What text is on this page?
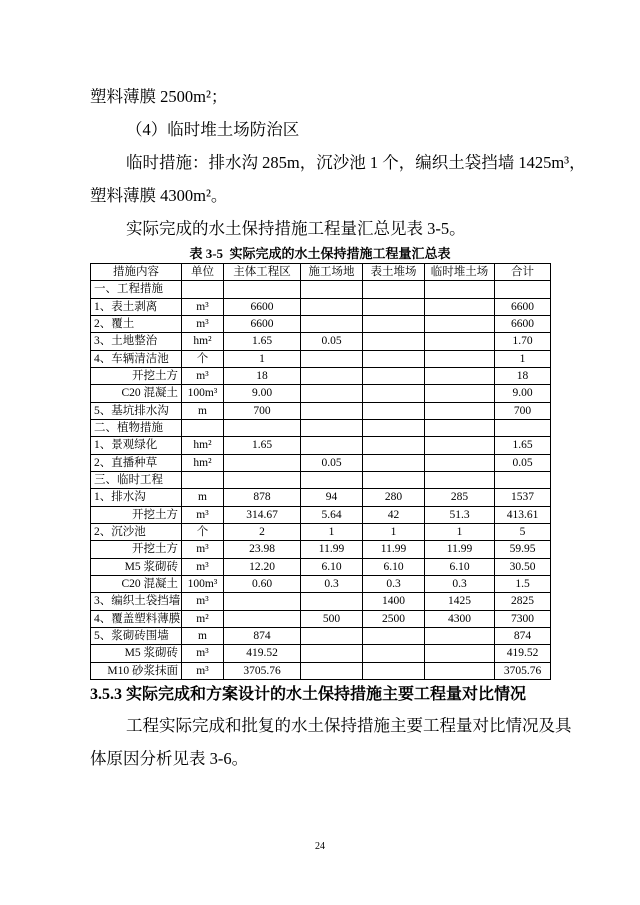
塑料薄膜 2500m²；
（4）临时堆土场防治区
临时措施：排水沟 285m，沉沙池 1 个，编织土袋挡墙 1425m³，
塑料薄膜 4300m²。
实际完成的水土保持措施工程量汇总见表 3-5。
表 3-5  实际完成的水土保持措施工程量汇总表
措施内容	单位	主体工程区	施工场地	表土堆场	临时堆土场	合计
一、工程措施						
1、表土剥离	m³	6600				6600
2、覆土	m³	6600				6600
3、土地整治	hm²	1.65	0.05			1.70
4、车辆清洁池	个	1				1
开挖土方	m³	18				18
C20 混凝土	100m³	9.00				9.00
5、基坑排水沟	m	700				700
二、植物措施						
1、景观绿化	hm²	1.65				1.65
2、直播种草	hm²		0.05			0.05
三、临时工程						
1、排水沟	m	878	94	280	285	1537
开挖土方	m³	314.67	5.64	42	51.3	413.61
2、沉沙池	个	2	1	1	1	5
开挖土方	m³	23.98	11.99	11.99	11.99	59.95
M5 浆砌砖	m³	12.20	6.10	6.10	6.10	30.50
C20 混凝土	100m³	0.60	0.3	0.3	0.3	1.5
3、编织土袋挡墙	m³			1400	1425	2825
4、覆盖塑料薄膜	m²		500	2500	4300	7300
5、浆砌砖围墙	m	874				874
M5 浆砌砖	m³	419.52				419.52
M10 砂浆抹面	m³	3705.76				3705.76
3.5.3 实际完成和方案设计的水土保持措施主要工程量对比情况
工程实际完成和批复的水土保持措施主要工程量对比情况及具
体原因分析见表 3-6。
24
